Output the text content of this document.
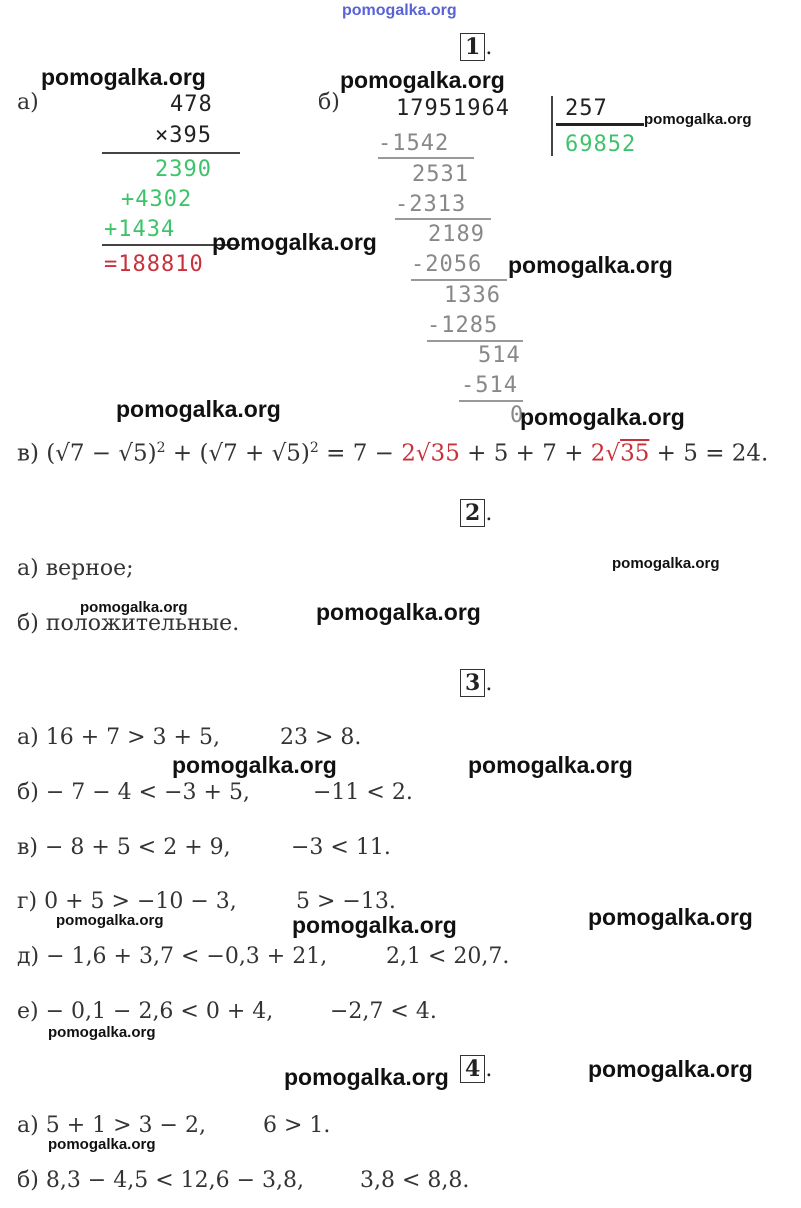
pomogalka.org
1 .
а)	478
×395
2390
+4302
+1434
=188810
б)	17951964	257
69852
-1542
2531
-2313
2189
-2056
1336
-1285
514
-514
0
в) $(√7 - √5)^2 + (√7 + √5)^2 = 7 - 2√35 + 5 + 7 + 2√35 + 5 = 24$.
2 .
а) верное;
б) положительные.
3 .
а) 16 + 7 > 3 + 5,	23 > 8.
б) − 7 − 4 < −3 + 5,	−11 < 2.
в) − 8 + 5 < 2 + 9,	−3 < 11.
г) 0 + 5 > −10 − 3,	5 > −13.
д) − 1,6 + 3,7 < −0,3 + 21,	2,1 < 20,7.
е) − 0,1 − 2,6 < 0 + 4,	−2,7 < 4.
4 .
а) 5 + 1 > 3 − 2,	6 > 1.
б) 8,3 − 4,5 < 12,6 − 3,8,	3,8 < 8,8.
pomogalka.org	pomogalka.org
pomogalka.org
pomogalka.org
pomogalka.org
pomogalka.org	pomogalka.org
pomogalka.org
pomogalka.org	pomogalka.org
pomogalka.org	pomogalka.org
pomogalka.org	pomogalka.org	pomogalka.org
pomogalka.org
pomogalka.org	pomogalka.org
pomogalka.org
